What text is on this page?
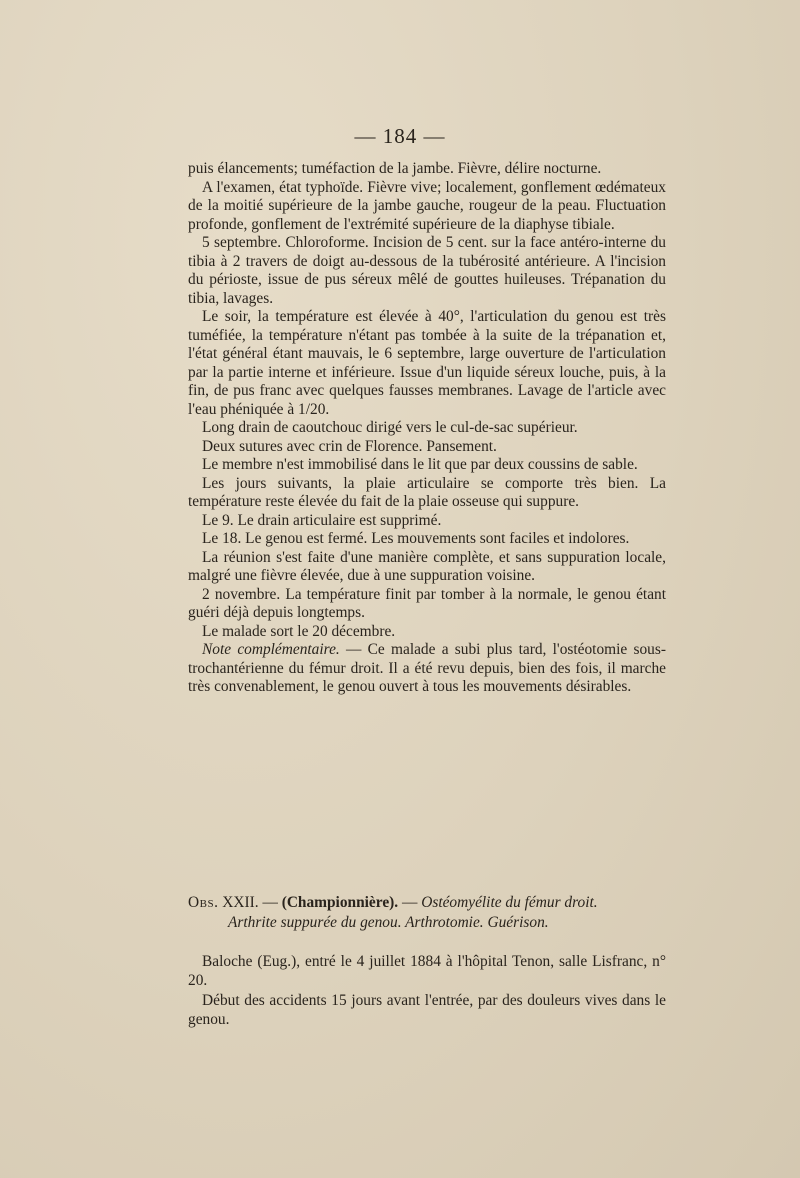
— 184 —

puis élancements; tuméfaction de la jambe. Fièvre, délire nocturne.

A l'examen, état typhoïde. Fièvre vive; localement, gonflement œdémateux de la moitié supérieure de la jambe gauche, rougeur de la peau. Fluctuation profonde, gonflement de l'extrémité supérieure de la diaphyse tibiale.

5 septembre. Chloroforme. Incision de 5 cent. sur la face antéro-interne du tibia à 2 travers de doigt au-dessous de la tubérosité antérieure. A l'incision du périoste, issue de pus séreux mêlé de gouttes huileuses. Trépanation du tibia, lavages.

Le soir, la température est élevée à 40°, l'articulation du genou est très tuméfiée, la température n'étant pas tombée à la suite de la trépanation et, l'état général étant mauvais, le 6 septembre, large ouverture de l'articulation par la partie interne et inférieure. Issue d'un liquide séreux louche, puis, à la fin, de pus franc avec quelques fausses membranes. Lavage de l'article avec l'eau phéniquée à 1/20.

Long drain de caoutchouc dirigé vers le cul-de-sac supérieur.

Deux sutures avec crin de Florence. Pansement.

Le membre n'est immobilisé dans le lit que par deux coussins de sable.

Les jours suivants, la plaie articulaire se comporte très bien. La température reste élevée du fait de la plaie osseuse qui suppure.

Le 9. Le drain articulaire est supprimé.

Le 18. Le genou est fermé. Les mouvements sont faciles et indolores.

La réunion s'est faite d'une manière complète, et sans suppuration locale, malgré une fièvre élevée, due à une suppuration voisine.

2 novembre. La température finit par tomber à la normale, le genou étant guéri déjà depuis longtemps.

Le malade sort le 20 décembre.

Note complémentaire. — Ce malade a subi plus tard, l'ostéotomie sous-trochantérienne du fémur droit. Il a été revu depuis, bien des fois, il marche très convenablement, le genou ouvert à tous les mouvements désirables.

Obs. XXII. — (Championnière). — Ostéomyélite du fémur droit.
Arthrite suppurée du genou. Arthrotomie. Guérison.

Baloche (Eug.), entré le 4 juillet 1884 à l'hôpital Tenon, salle Lisfranc, n° 20.

Début des accidents 15 jours avant l'entrée, par des douleurs vives dans le genou.
